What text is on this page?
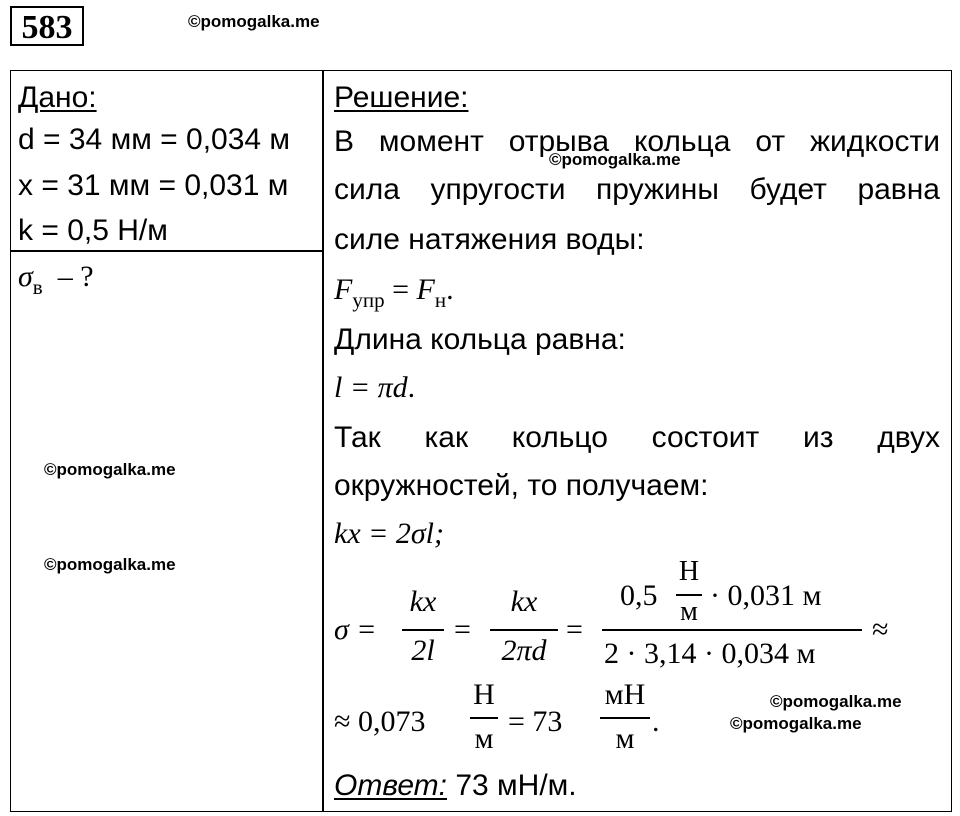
583	©pomogalka.me
Дано:
d = 34 мм = 0,034 м
x = 31 мм = 0,031 м
k = 0,5 Н/м
$\sigma_в$  – ?
©pomogalka.me
©pomogalka.me
Решение:
В момент отрыва кольца от жидкости
©pomogalka.me
сила упругости пружины будет равна
силе натяжения воды:
$F_{упр} = F_н$.
Длина кольца равна:
l = πd.
Так как кольцо состоит из двух
окружностей, то получаем:
kx = 2σl;
σ =
kx
2l
=
kx
2πd
=
0,5
Н
м · 0,031 м
2 · 3,14 · 0,034 м
≈
≈ 0,073
Н
м
= 73
мН
м
.
©pomogalka.me
©pomogalka.me
Ответ: 73 мН/м.
